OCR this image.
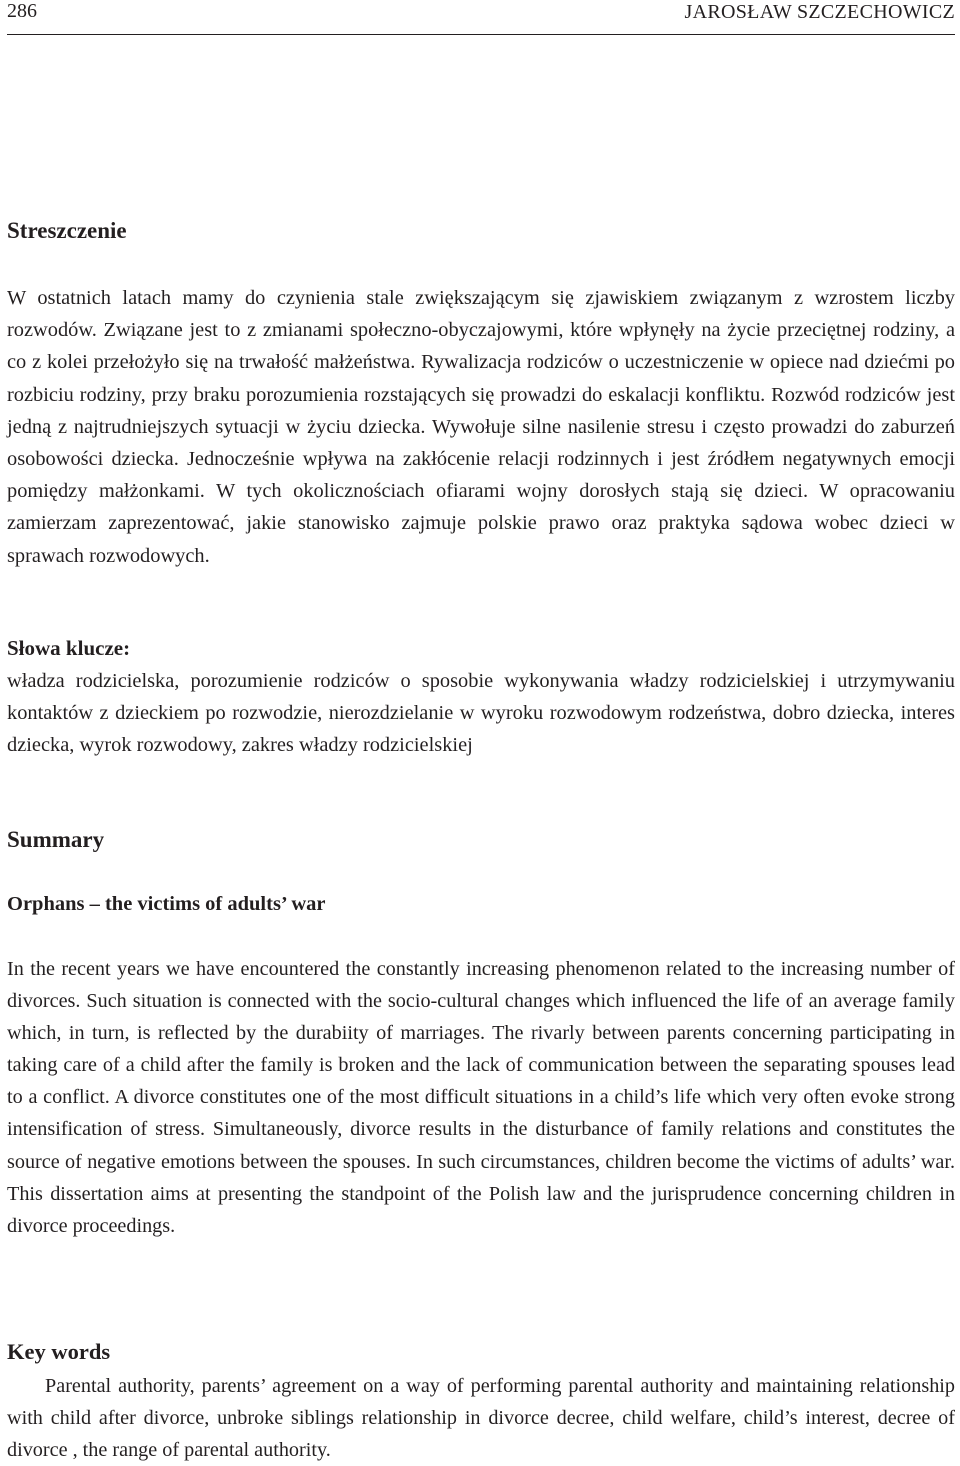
286	JAROSŁAW SZCZECHOWICZ
Streszczenie
W ostatnich latach mamy do czynienia stale zwiększającym się zjawiskiem związanym z wzrostem liczby rozwodów. Związane jest to z zmianami społeczno-obyczajowymi, które wpłynęły na życie przeciętnej rodziny, a co z kolei przełożyło się na trwałość małżeństwa. Rywalizacja rodziców o uczestniczenie w opiece nad dziećmi po rozbiciu rodziny, przy braku porozumienia rozstających się prowadzi do eskalacji konfliktu. Rozwód rodziców jest jedną z najtrudniejszych sytuacji w życiu dziecka. Wywołuje silne nasilenie stresu i często prowadzi do zaburzeń osobowości dziecka. Jednocześnie wpływa na zakłócenie relacji rodzinnych i jest źródłem negatywnych emocji pomiędzy małżonkami. W tych okolicznościach ofiarami wojny dorosłych stają się dzieci. W opracowaniu zamierzam zaprezentować, jakie stanowisko zajmuje polskie prawo oraz praktyka sądowa wobec dzieci w sprawach rozwodowych.
Słowa klucze:
władza rodzicielska, porozumienie rodziców o sposobie wykonywania władzy rodzicielskiej i utrzymywaniu kontaktów z dzieckiem po rozwodzie, nierozdzielanie w wyroku rozwodowym rodzeństwa, dobro dziecka, interes dziecka, wyrok rozwodowy, zakres władzy rodzicielskiej
Summary
Orphans – the victims of adults’ war
In the recent years we have encountered the constantly increasing phenomenon related to the increasing number of divorces. Such situation is connected with the socio-cultural changes which influenced the life of an average family which, in turn, is reflected by the durabiity of marriages. The rivarly between parents concerning participating in taking care of a child after the family is broken and the lack of communication between the separating spouses lead to a conflict. A divorce constitutes one of the most difficult situations in a child’s life which very often evoke strong intensification of stress. Simultaneously, divorce results in the disturbance of family relations and constitutes the source of negative emotions between the spouses. In such circumstances, children become the victims of adults’ war. This dissertation aims at presenting the standpoint of the Polish law and the jurisprudence concerning children in divorce proceedings.
Key words
Parental authority, parents’ agreement on a way of performing parental authority and maintaining relationship with child after divorce, unbroke siblings relationship in divorce decree, child welfare, child’s interest, decree of divorce , the range of parental authority.
